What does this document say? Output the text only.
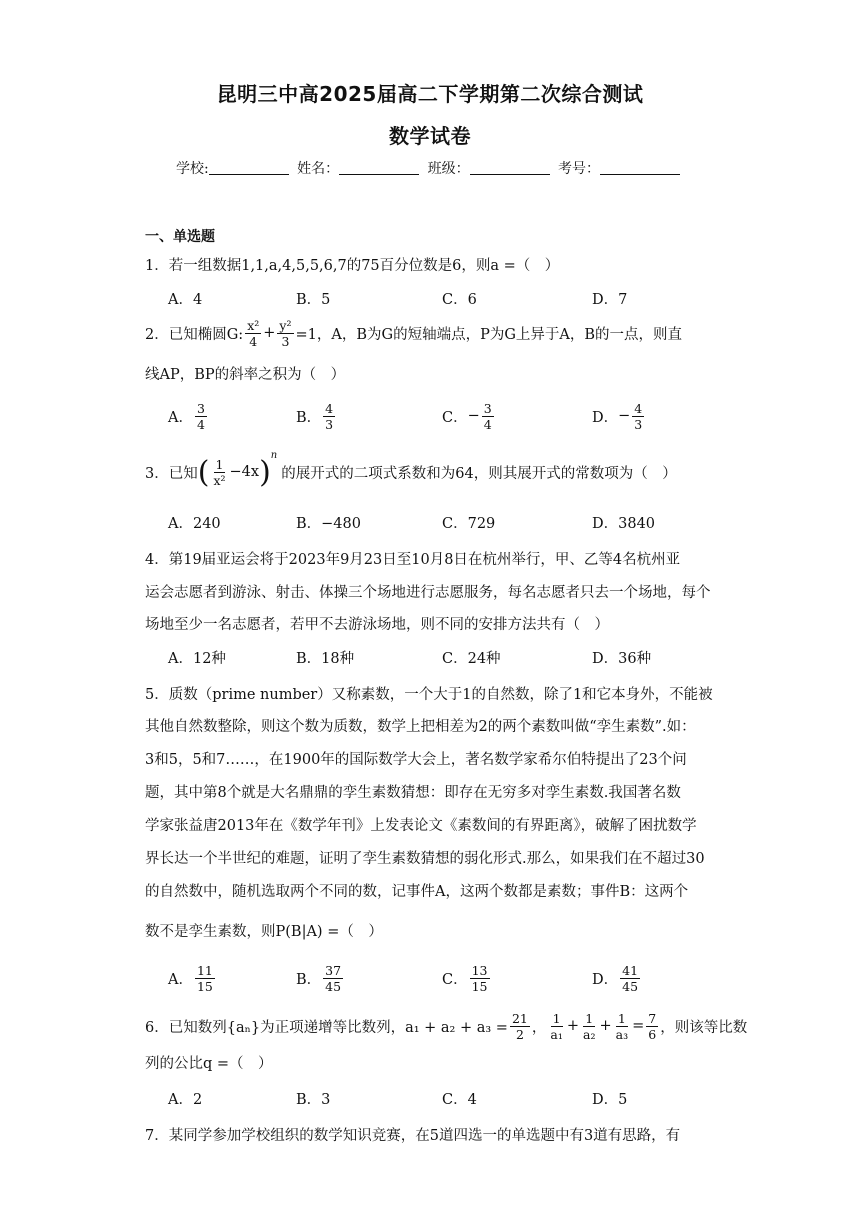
昆明三中高2025届高二下学期第二次综合测试
数学试卷
学校:	姓名：	班级：	考号：
一、单选题
1．若一组数据1,1,a,4,5,5,6,7的75百分位数是6，则a =（　）
A．4	B．5	C．6	D．7
2．已知椭圆G: $\frac{\text{x²}}{4} + \frac{\text{y²}}{3} =1$，A，B为G的短轴端点，P为G上异于A，B的一点，则直
线AP，BP的斜率之积为（　）
A． $\frac{3}{4}$	B． $\frac{4}{3}$	C． − $\frac{3}{4}$	D． − $\frac{4}{3}$
3．已知 ( $\frac{1}{\text{x²}} -4x$ ) n
的展开式的二项式系数和为64，则其展开式的常数项为（　）
A．240	B．−480	C．729	D．3840
4．第19届亚运会将于2023年9月23日至10月8日在杭州举行，甲、乙等4名杭州亚
运会志愿者到游泳、射击、体操三个场地进行志愿服务，每名志愿者只去一个场地，每个
场地至少一名志愿者，若甲不去游泳场地，则不同的安排方法共有（　）
A．12种	B．18种	C．24种	D．36种
5．质数（prime number）又称素数，一个大于1的自然数，除了1和它本身外，不能被
其他自然数整除，则这个数为质数，数学上把相差为2的两个素数叫做“孪生素数”.如：
3和5，5和7……，在1900年的国际数学大会上，著名数学家希尔伯特提出了23个问
题，其中第8个就是大名鼎鼎的孪生素数猜想：即存在无穷多对孪生素数.我国著名数
学家张益唐2013年在《数学年刊》上发表论文《素数间的有界距离》，破解了困扰数学
界长达一个半世纪的难题，证明了孪生素数猜想的弱化形式.那么，如果我们在不超过30
的自然数中，随机选取两个不同的数，记事件A，这两个数都是素数；事件B：这两个
数不是孪生素数，则P(B|A) =（　）
A． $\frac{11}{15}$	B． $\frac{37}{45}$	C． $\frac{13}{15}$	D． $\frac{41}{45}$
6．已知数列{aₙ}为正项递增等比数列，$a_1 + a_2 + a_3 = \frac{21}{2}$ ， $\frac{1}{\text{a₁}} + \frac{1}{\text{a₂}} + \frac{1}{\text{a₃}} = \frac{7}{6}$ ，则该等比数
列的公比q =（　）
A．2	B．3	C．4	D．5
7．某同学参加学校组织的数学知识竞赛，在5道四选一的单选题中有3道有思路，有
